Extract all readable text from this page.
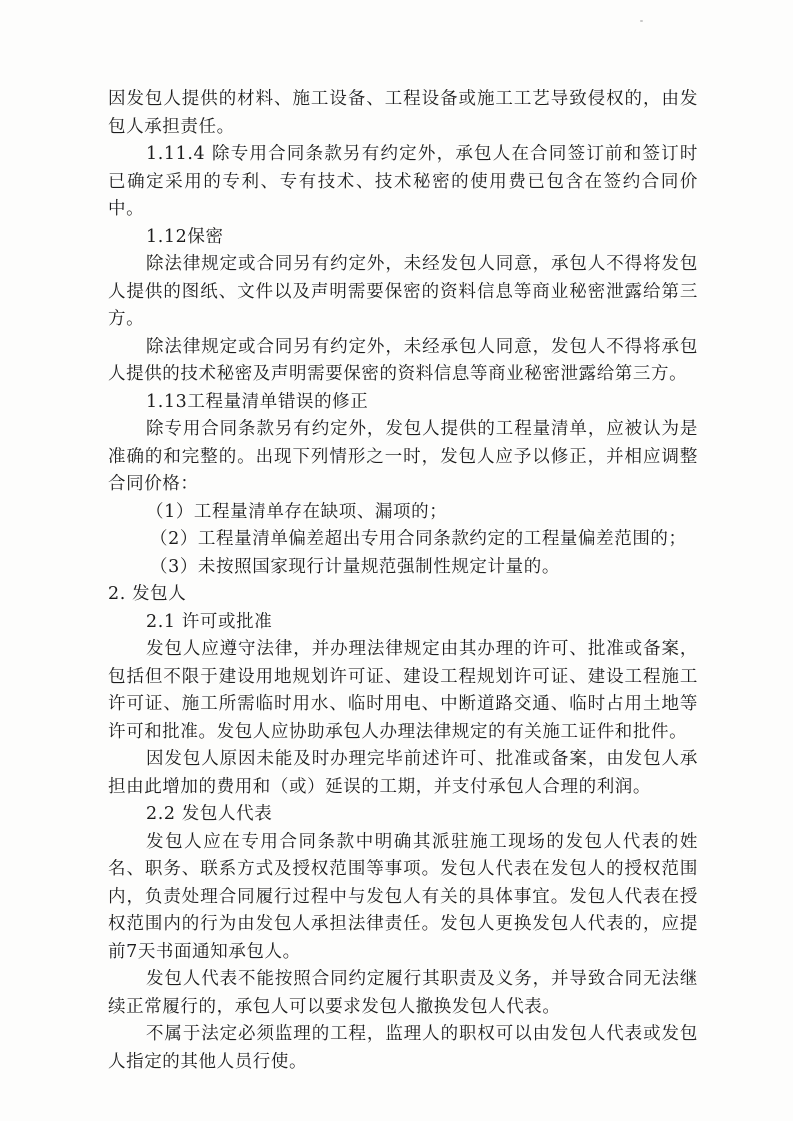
因发包人提供的材料、施工设备、工程设备或施工工艺导致侵权的，由发包人承担责任。

1.11.4 除专用合同条款另有约定外，承包人在合同签订前和签订时已确定采用的专利、专有技术、技术秘密的使用费已包含在签约合同价中。

1.12保密

除法律规定或合同另有约定外，未经发包人同意，承包人不得将发包人提供的图纸、文件以及声明需要保密的资料信息等商业秘密泄露给第三方。

除法律规定或合同另有约定外，未经承包人同意，发包人不得将承包人提供的技术秘密及声明需要保密的资料信息等商业秘密泄露给第三方。

1.13工程量清单错误的修正

除专用合同条款另有约定外，发包人提供的工程量清单，应被认为是准确的和完整的。出现下列情形之一时，发包人应予以修正，并相应调整合同价格：

（1）工程量清单存在缺项、漏项的；

（2）工程量清单偏差超出专用合同条款约定的工程量偏差范围的；

（3）未按照国家现行计量规范强制性规定计量的。

2. 发包人

2.1 许可或批准

发包人应遵守法律，并办理法律规定由其办理的许可、批准或备案，包括但不限于建设用地规划许可证、建设工程规划许可证、建设工程施工许可证、施工所需临时用水、临时用电、中断道路交通、临时占用土地等许可和批准。发包人应协助承包人办理法律规定的有关施工证件和批件。

因发包人原因未能及时办理完毕前述许可、批准或备案，由发包人承担由此增加的费用和（或）延误的工期，并支付承包人合理的利润。

2.2 发包人代表

发包人应在专用合同条款中明确其派驻施工现场的发包人代表的姓名、职务、联系方式及授权范围等事项。发包人代表在发包人的授权范围内，负责处理合同履行过程中与发包人有关的具体事宜。发包人代表在授权范围内的行为由发包人承担法律责任。发包人更换发包人代表的，应提前7天书面通知承包人。

发包人代表不能按照合同约定履行其职责及义务，并导致合同无法继续正常履行的，承包人可以要求发包人撤换发包人代表。

不属于法定必须监理的工程，监理人的职权可以由发包人代表或发包人指定的其他人员行使。
